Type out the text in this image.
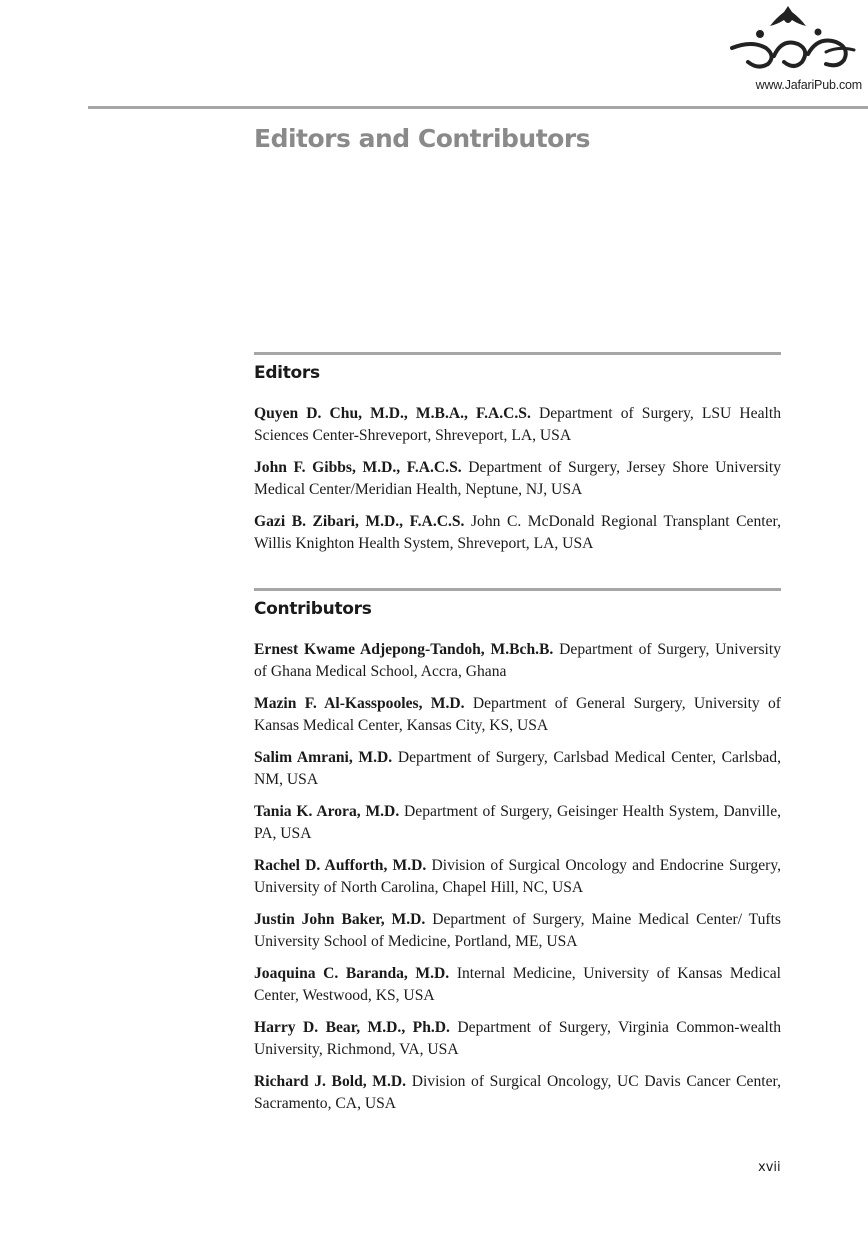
www.JafariPub.com
Editors and Contributors
Editors

Quyen D. Chu, M.D., M.B.A., F.A.C.S. Department of Surgery, LSU Health Sciences Center-Shreveport, Shreveport, LA, USA

John F. Gibbs, M.D., F.A.C.S. Department of Surgery, Jersey Shore University Medical Center/Meridian Health, Neptune, NJ, USA

Gazi B. Zibari, M.D., F.A.C.S. John C. McDonald Regional Transplant Center, Willis Knighton Health System, Shreveport, LA, USA

Contributors

Ernest Kwame Adjepong-Tandoh, M.Bch.B. Department of Surgery, University of Ghana Medical School, Accra, Ghana

Mazin F. Al-Kasspooles, M.D. Department of General Surgery, University of Kansas Medical Center, Kansas City, KS, USA

Salim Amrani, M.D. Department of Surgery, Carlsbad Medical Center, Carlsbad, NM, USA

Tania K. Arora, M.D. Department of Surgery, Geisinger Health System, Danville, PA, USA

Rachel D. Aufforth, M.D. Division of Surgical Oncology and Endocrine Surgery, University of North Carolina, Chapel Hill, NC, USA

Justin John Baker, M.D. Department of Surgery, Maine Medical Center/ Tufts University School of Medicine, Portland, ME, USA

Joaquina C. Baranda, M.D. Internal Medicine, University of Kansas Medical Center, Westwood, KS, USA

Harry D. Bear, M.D., Ph.D. Department of Surgery, Virginia Common-wealth University, Richmond, VA, USA

Richard J. Bold, M.D. Division of Surgical Oncology, UC Davis Cancer Center, Sacramento, CA, USA

xvii
